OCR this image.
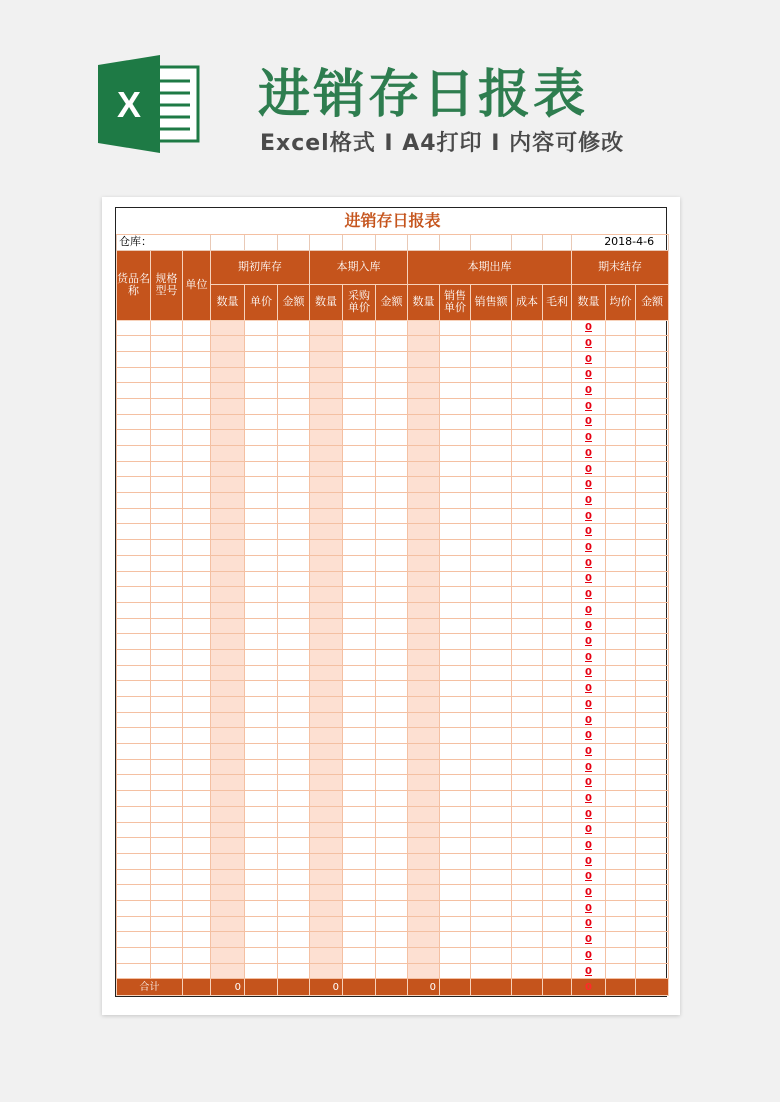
X 进销存日报表
Excel格式 I A4打印 I 内容可修改
进销存日报表																
仓库：														2018-4-6		
货品名称	规格型号	单位	期初库存			本期入库			本期出库					期末结存		
			数量	单价	金额	数量	采购单价	金额	数量	销售单价	销售额	成本	毛利	数量	均价	金额
														0		
														0		
														0		
														0		
														0		
														0		
														0		
														0		
														0		
														0		
														0		
														0		
														0		
														0		
														0		
														0		
														0		
														0		
														0		
														0		
														0		
														0		
														0		
														0		
														0		
														0		
														0		
														0		
														0		
														0		
														0		
														0		
														0		
														0		
														0		
														0		
														0		
														0		
														0		
														0		
														0		
														0		
合计			0			0			0					0		
